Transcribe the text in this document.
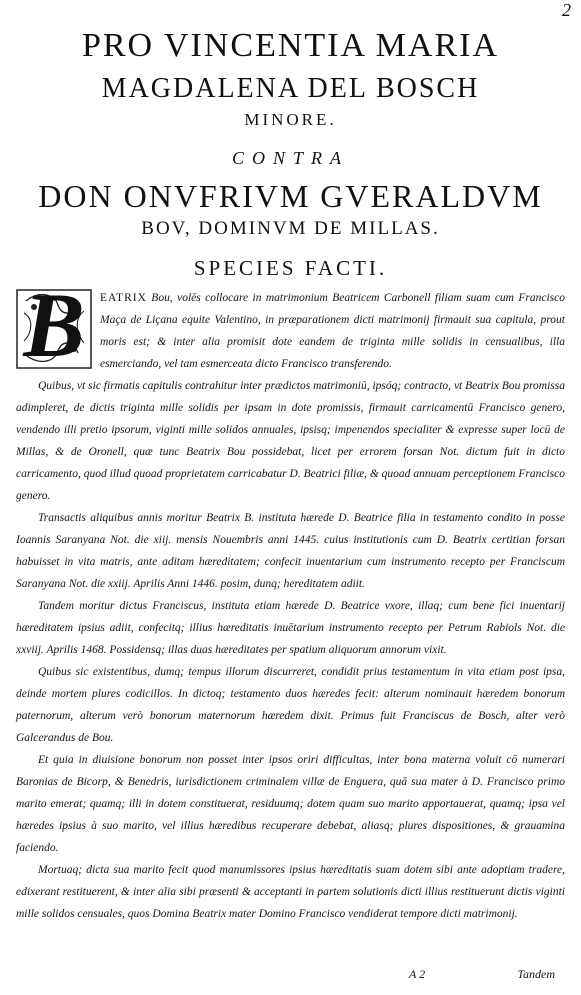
2
PRO VINCENTIA MARIA
MAGDALENA DEL BOSCH
MINORE.
CONTRA
DON ONVFRIVM GVERALDVM
BOV, DOMINVM DE MILLAS.
SPECIES FACTI.
B	EATRIX Bou, volēs collocare in matrimonium Beatricem Carbonell filiam suam cum Francisco Maça de Liçana equite Valentino, in præparationem dicti matrimonij firmauit sua capitula, prout moris est; & inter alia promisit dote eandem de triginta mille solidis in censualibus, illa esmerciando, vel tam esmerceata dicto Francisco transferendo.

Quibus, vt sic firmatis capitulis contrahitur inter prædictos matrimoniū, ipsóq; contracto, vt Beatrix Bou promissa adimpleret, de dictis triginta mille solidis per ipsam in dote promissis, firmauit carricamentū Francisco genero, vendendo illi pretio ipsorum, viginti mille solidos annuales, ipsisq; impenendos specialiter & expresse super locū de Millas, & de Oronell, quæ tunc Beatrix Bou possidebat, licet per errorem forsan Not. dictum fuit in dicto carricamento, quod illud quoad proprietatem carricabatur D. Beatrici filiæ, & quoad annuam perceptionem Francisco genero.

Transactis aliquibus annis moritur Beatrix B. instituta hærede D. Beatrice filia in testamento condito in posse Ioannis Saranyana Not. die xiij. mensis Nouembris anni 1445. cuius institutionis cum D. Beatrix certitian forsan habuisset in vita matris, ante aditam hæreditatem; confecit inuentarium cum instrumento recepto per Franciscum Saranyana Not. die xxiij. Aprilis Anni 1446. posim, dunq; hereditatem adiit.

Tandem moritur dictus Franciscus, instituta etiam hærede D. Beatrice vxore, illaq; cum bene fici inuentarij hæreditatem ipsius adiit, confecitq; illius hæreditatis inuētarium instrumento recepto per Petrum Rabiols Not. die xxviij. Aprilis 1468. Possidensq; illas duas hæreditates per spatium aliquorum annorum vixit.

Quibus sic existentibus, dumq; tempus illorum discurreret, condidit prius testamentum in vita etiam post ipsa, deinde mortem plures codicillos. In dictoq; testamento duos hæredes fecit: alterum nominauit hæredem bonorum paternorum, alterum verò bonorum maternorum hæredem dixit. Primus fuit Franciscus de Bosch, alter verò Galcerandus de Bou.

Et quia in diuisione bonorum non posset inter ipsos oriri difficultas, inter bona materna voluit cō numerari Baronias de Bicorp, & Benedris, iurisdictionem criminalem villæ de Enguera, quā sua mater à D. Francisco primo marito emerat; quamq; illi in dotem constituerat, residuumq; dotem quam suo marito apportauerat, quamq; ipsa vel hæredes ipsius à suo marito, vel illius hæredibus recuperare debebat, aliasq; plures dispositiones, & grauamina faciendo.

Mortuaq; dicta sua marito fecit quod manumissores ipsius hæreditatis suam dotem sibi ante adoptiam tradere, edixerant restituerent, & inter alia sibi præsenti & acceptanti in partem solutionis dicti illius restituerunt dictis viginti mille solidos censuales, quos Domina Beatrix mater Domino Francisco vendiderat tempore dicti matrimonij.

A 2	Tandem
